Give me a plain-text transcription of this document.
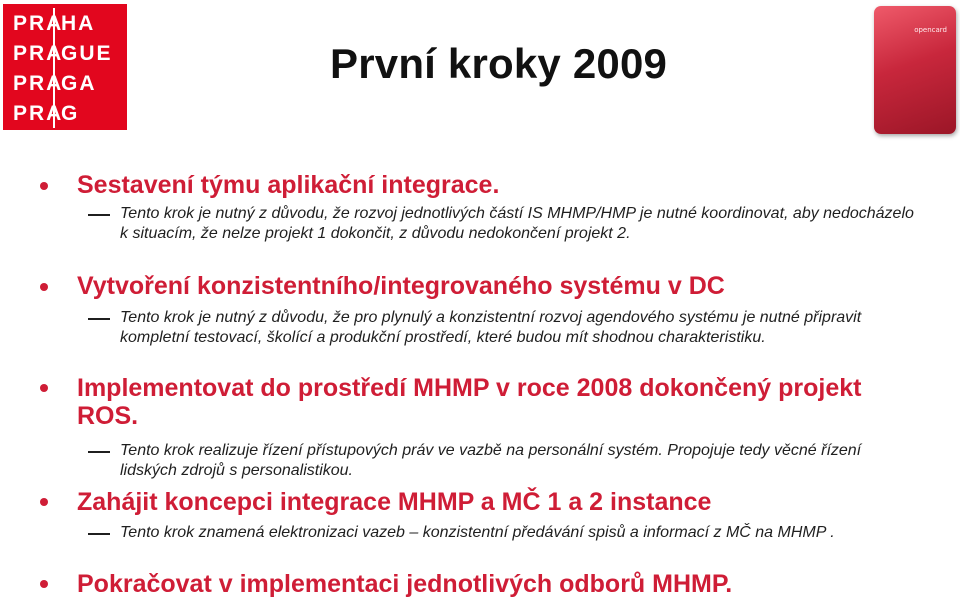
PRA
HA
PRA
GUE
PRA
GA
PRA
G
První kroky 2009
opencard
Sestavení týmu aplikační integrace.
Tento krok je nutný z důvodu, že rozvoj jednotlivých částí IS MHMP/HMP je nutné koordinovat, aby nedocházelo k situacím, že nelze projekt 1 dokončit, z důvodu nedokončení projekt 2.
Vytvoření konzistentního/integrovaného systému v DC
Tento krok je nutný z důvodu, že pro plynulý a konzistentní rozvoj agendového systému je nutné připravit kompletní testovací, školící a produkční prostředí, které budou mít shodnou charakteristiku.
Implementovat do prostředí MHMP v roce 2008 dokončený projekt ROS.
Tento krok realizuje řízení přístupových práv ve vazbě na personální systém. Propojuje tedy věcné řízení lidských zdrojů s personalistikou.
Zahájit koncepci integrace MHMP a MČ 1 a 2 instance
Tento krok znamená elektronizaci vazeb – konzistentní předávání spisů a informací z MČ na MHMP .
Pokračovat v implementaci jednotlivých odborů MHMP.
